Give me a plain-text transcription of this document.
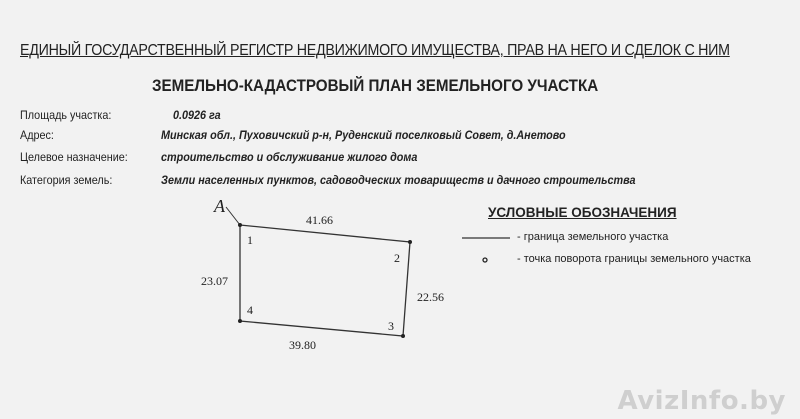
ЕДИНЫЙ ГОСУДАРСТВЕННЫЙ РЕГИСТР НЕДВИЖИМОГО ИМУЩЕСТВА, ПРАВ НА НЕГО И СДЕЛОК С НИМ
ЗЕМЕЛЬНО-КАДАСТРОВЫЙ ПЛАН ЗЕМЕЛЬНОГО УЧАСТКА
Площадь участка:	0.0926 га
Адрес:	Минская обл., Пуховичский р-н, Руденский поселковый Совет, д.Анетово
Целевое назначение:	строительство и обслуживание жилого дома
Категория земель:	Земли населенных пунктов, садоводческих товариществ и дачного строительства
А
1
2
3
4
41.66
22.56
39.80
23.07
УСЛОВНЫЕ ОБОЗНАЧЕНИЯ
- граница земельного участка
- точка поворота границы земельного участка
AvizInfo.by
